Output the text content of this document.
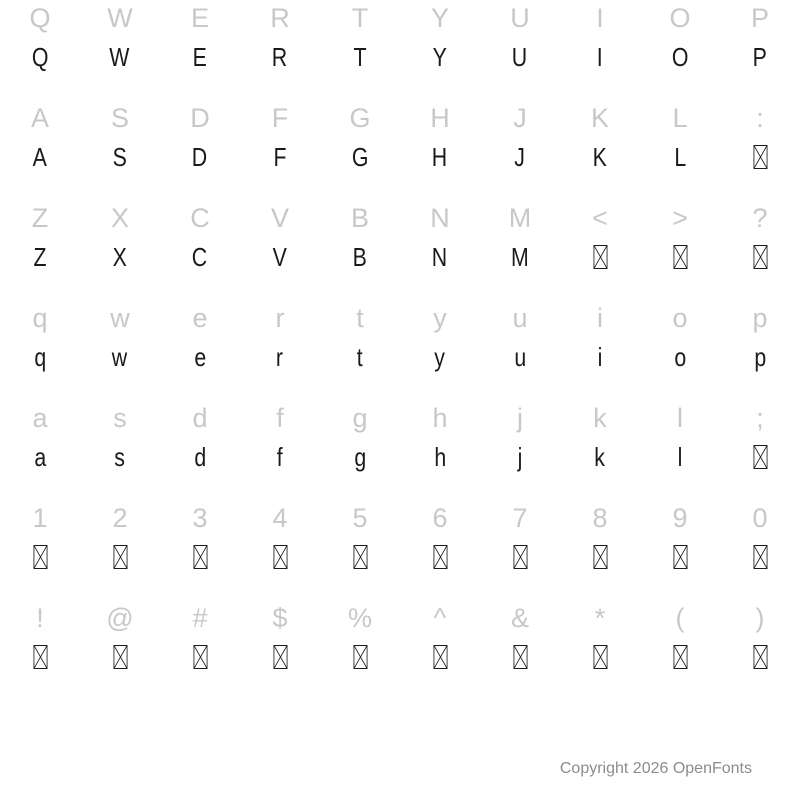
Q
Q
W
W
E
E
R
R
T
T
Y
Y
U
U
I
I
O
O
P
P
A
A
S
S
D
D
F
F
G
G
H
H
J
J
K
K
L
L
:
Z
Z
X
X
C
C
V
V
B
B
N
N
M
M
< > ?
q
q
w
w
e
e
r
r
t
t
y
y
u
u
i
i
o
o
p
p
a
a
s
s
d
d
f
f
g
g
h
h
j
j
k
k
l
l
;
1 2 3 4 5 6 7 8 9 0
! @ # $ % ^ & *	(	)
Copyright 2026 OpenFonts
